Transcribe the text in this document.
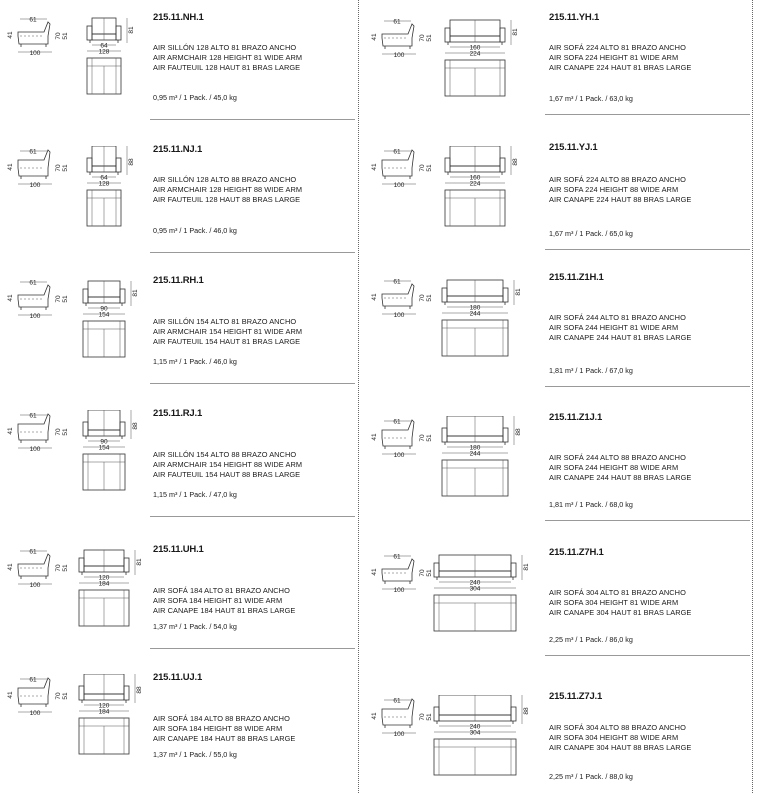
215.11.NH.1
AIR SILLÓN 128 ALTO 81 BRAZO ANCHO
AIR ARMCHAIR 128 HEIGHT 81 WIDE ARM
AIR FAUTEUIL 128 HAUT 81 BRAS LARGE
0,95 m³ / 1 Pack. / 45,0 kg
61
41	70 51
100
81
64
128
215.11.NJ.1
AIR SILLÓN 128 ALTO 88 BRAZO ANCHO
AIR ARMCHAIR 128 HEIGHT 88 WIDE ARM
AIR FAUTEUIL 128 HAUT 88 BRAS LARGE
0,95 m³ / 1 Pack. / 46,0 kg
61
41	70 51
100
88
64
128
215.11.RH.1
AIR SILLÓN 154 ALTO 81 BRAZO ANCHO
AIR ARMCHAIR 154 HEIGHT 81 WIDE ARM
AIR FAUTEUIL 154 HAUT 81 BRAS LARGE
1,15 m³ / 1 Pack. / 46,0 kg
61
41	70 51
100
81
90
154
215.11.RJ.1
AIR SILLÓN 154 ALTO 88 BRAZO ANCHO
AIR ARMCHAIR 154 HEIGHT 88 WIDE ARM
AIR FAUTEUIL 154 HAUT 88 BRAS LARGE
1,15 m³ / 1 Pack. / 47,0 kg
61
41	70 51
100
88
90
154
215.11.UH.1
AIR SOFÁ 184 ALTO 81 BRAZO ANCHO
AIR SOFA 184 HEIGHT 81 WIDE ARM
AIR CANAPE 184 HAUT 81 BRAS LARGE
1,37 m³ / 1 Pack. / 54,0 kg
61
41	70 51
100
81
120
184
215.11.UJ.1
AIR SOFÁ 184 ALTO 88 BRAZO ANCHO
AIR SOFA 184 HEIGHT 88 WIDE ARM
AIR CANAPE 184 HAUT 88 BRAS LARGE
1,37 m³ / 1 Pack. / 55,0 kg
61
41	70 51
100
88
120
184
215.11.YH.1
AIR SOFÁ 224 ALTO 81 BRAZO ANCHO
AIR SOFA 224 HEIGHT 81 WIDE ARM
AIR CANAPE 224 HAUT 81 BRAS LARGE
1,67 m³ / 1 Pack. / 63,0 kg
61
41	70 51
100
81
160
224
215.11.YJ.1
AIR SOFÁ 224 ALTO 88 BRAZO ANCHO
AIR SOFA 224 HEIGHT 88 WIDE ARM
AIR CANAPE 224 HAUT 88 BRAS LARGE
1,67 m³ / 1 Pack. / 65,0 kg
61
41	70 51
100
88
160
224
215.11.Z1H.1
AIR SOFÁ 244 ALTO 81 BRAZO ANCHO
AIR SOFA 244 HEIGHT 81 WIDE ARM
AIR CANAPE 244 HAUT 81 BRAS LARGE
1,81 m³ / 1 Pack. / 67,0 kg
61
41	70 51
100
81
180
244
215.11.Z1J.1
AIR SOFÁ 244 ALTO 88 BRAZO ANCHO
AIR SOFA 244 HEIGHT 88 WIDE ARM
AIR CANAPE 244 HAUT 88 BRAS LARGE
1,81 m³ / 1 Pack. / 68,0 kg
61
41	70 51
100
88
180
244
215.11.Z7H.1
AIR SOFÁ 304 ALTO 81 BRAZO ANCHO
AIR SOFA 304 HEIGHT 81 WIDE ARM
AIR CANAPE 304 HAUT 81 BRAS LARGE
2,25 m³ / 1 Pack. / 86,0 kg
61
41	70 51
100
81
240
304
215.11.Z7J.1
AIR SOFÁ 304 ALTO 88 BRAZO ANCHO
AIR SOFA 304 HEIGHT 88 WIDE ARM
AIR CANAPE 304 HAUT 88 BRAS LARGE
2,25 m³ / 1 Pack. / 88,0 kg
61
41	70 51
100
88
240
304
